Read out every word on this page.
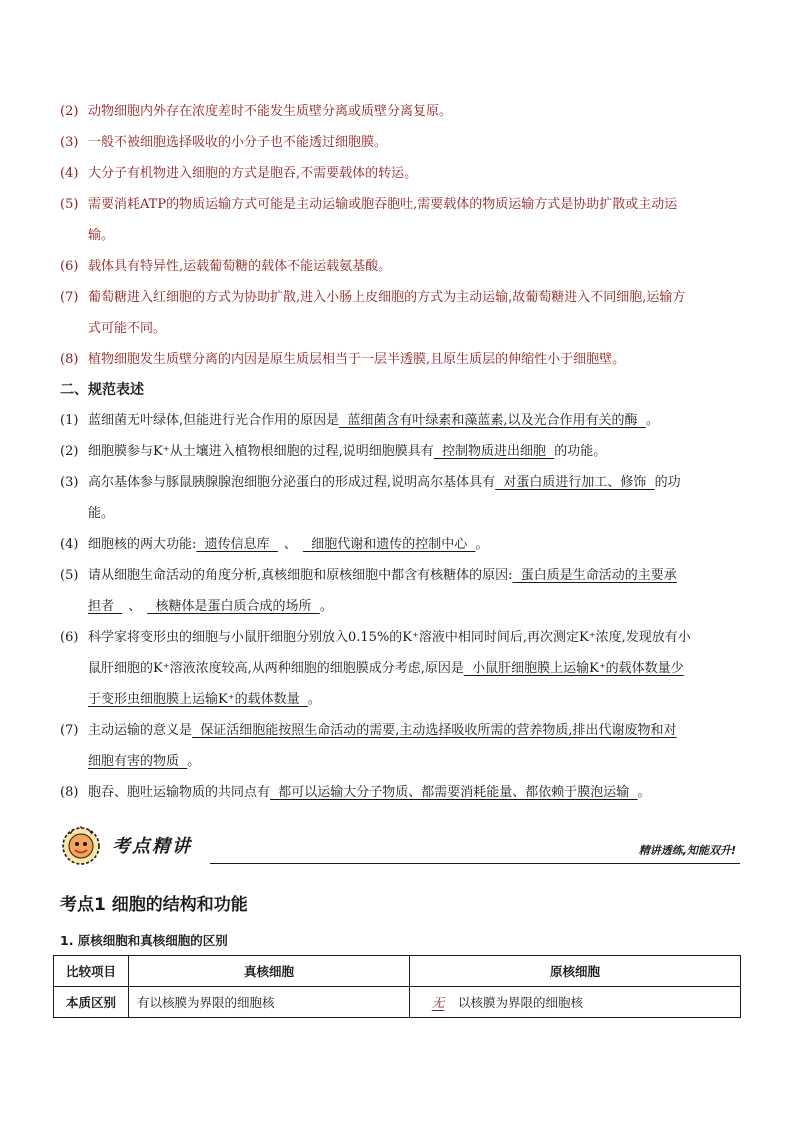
(2) 动物细胞内外存在浓度差时不能发生质壁分离或质壁分离复原。
(3) 一般不被细胞选择吸收的小分子也不能透过细胞膜。
(4) 大分子有机物进入细胞的方式是胞吞,不需要载体的转运。
(5) 需要消耗ATP的物质运输方式可能是主动运输或胞吞胞吐,需要载体的物质运输方式是协助扩散或主动运
输。
(6) 载体具有特异性,运载葡萄糖的载体不能运载氨基酸。
(7) 葡萄糖进入红细胞的方式为协助扩散,进入小肠上皮细胞的方式为主动运输,故葡萄糖进入不同细胞,运输方
式可能不同。
(8) 植物细胞发生质壁分离的内因是原生质层相当于一层半透膜,且原生质层的伸缩性小于细胞壁。
二、规范表述
(1) 蓝细菌无叶绿体,但能进行光合作用的原因是  蓝细菌含有叶绿素和藻蓝素,以及光合作用有关的酶  。
(2) 细胞膜参与K⁺从土壤进入植物根细胞的过程,说明细胞膜具有  控制物质进出细胞  的功能。
(3) 高尔基体参与豚鼠胰腺腺泡细胞分泌蛋白的形成过程,说明高尔基体具有  对蛋白质进行加工、修饰  的功
能。
(4) 细胞核的两大功能:  遗传信息库  、  细胞代谢和遗传的控制中心  。
(5) 请从细胞生命活动的角度分析,真核细胞和原核细胞中都含有核糖体的原因:  蛋白质是生命活动的主要承
担者  、  核糖体是蛋白质合成的场所  。
(6) 科学家将变形虫的细胞与小鼠肝细胞分别放入0.15%的K⁺溶液中相同时间后,再次测定K⁺浓度,发现放有小
鼠肝细胞的K⁺溶液浓度较高,从两种细胞的细胞膜成分考虑,原因是  小鼠肝细胞膜上运输K⁺的载体数量少
于变形虫细胞膜上运输K⁺的载体数量  。
(7) 主动运输的意义是  保证活细胞能按照生命活动的需要,主动选择吸收所需的营养物质,排出代谢废物和对
细胞有害的物质  。
(8) 胞吞、胞吐运输物质的共同点有  都可以运输大分子物质、都需要消耗能量、都依赖于膜泡运输  。
考点精讲	精讲透练,知能双升!
考点1 细胞的结构和功能
1. 原核细胞和真核细胞的区别
比较项目	真核细胞	原核细胞
本质区别	有以核膜为界限的细胞核	无 以核膜为界限的细胞核
